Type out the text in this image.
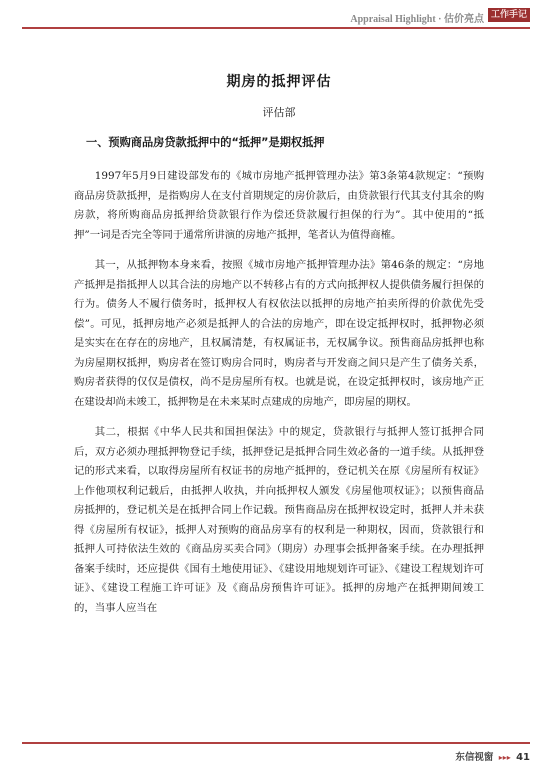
Appraisal Highlight · 估价亮点 工作手记
期房的抵押评估
评估部
一、预购商品房贷款抵押中的“抵押”是期权抵押

1997年5月9日建设部发布的《城市房地产抵押管理办法》第3条第4款规定：“预购商品房贷款抵押，是指购房人在支付首期规定的房价款后，由贷款银行代其支付其余的购房款，将所购商品房抵押给贷款银行作为偿还贷款履行担保的行为”。其中使用的“抵押”一词是否完全等同于通常所讲演的房地产抵押，笔者认为值得商榷。

其一，从抵押物本身来看，按照《城市房地产抵押管理办法》第46条的规定：“房地产抵押是指抵押人以其合法的房地产以不转移占有的方式向抵押权人提供债务履行担保的行为。债务人不履行债务时，抵押权人有权依法以抵押的房地产拍卖所得的价款优先受偿”。可见，抵押房地产必须是抵押人的合法的房地产，即在设定抵押权时，抵押物必须是实实在在存在的房地产，且权属清楚，有权属证书，无权属争议。预售商品房抵押也称为房屋期权抵押，购房者在签订购房合同时，购房者与开发商之间只是产生了债务关系，购房者获得的仅仅是债权，尚不是房屋所有权。也就是说，在设定抵押权时，该房地产正在建设却尚未竣工，抵押物是在未来某时点建成的房地产，即房屋的期权。

其二，根据《中华人民共和国担保法》中的规定，贷款银行与抵押人签订抵押合同后，双方必须办理抵押物登记手续，抵押登记是抵押合同生效必备的一道手续。从抵押登记的形式来看，以取得房屋所有权证书的房地产抵押的，登记机关在原《房屋所有权证》上作他项权利记载后，由抵押人收执，并向抵押权人颁发《房屋他项权证》；以预售商品房抵押的，登记机关是在抵押合同上作记载。预售商品房在抵押权设定时，抵押人并未获得《房屋所有权证》，抵押人对预购的商品房享有的权利是一种期权，因而，贷款银行和抵押人可持依法生效的《商品房买卖合同》（期房）办理事会抵押备案手续。在办理抵押备案手续时，还应提供《国有土地使用证》、《建设用地规划许可证》、《建设工程规划许可证》、《建设工程施工许可证》及《商品房预售许可证》。抵押的房地产在抵押期间竣工的，当事人应当在

东信视窗 ▸▸▸ 41
